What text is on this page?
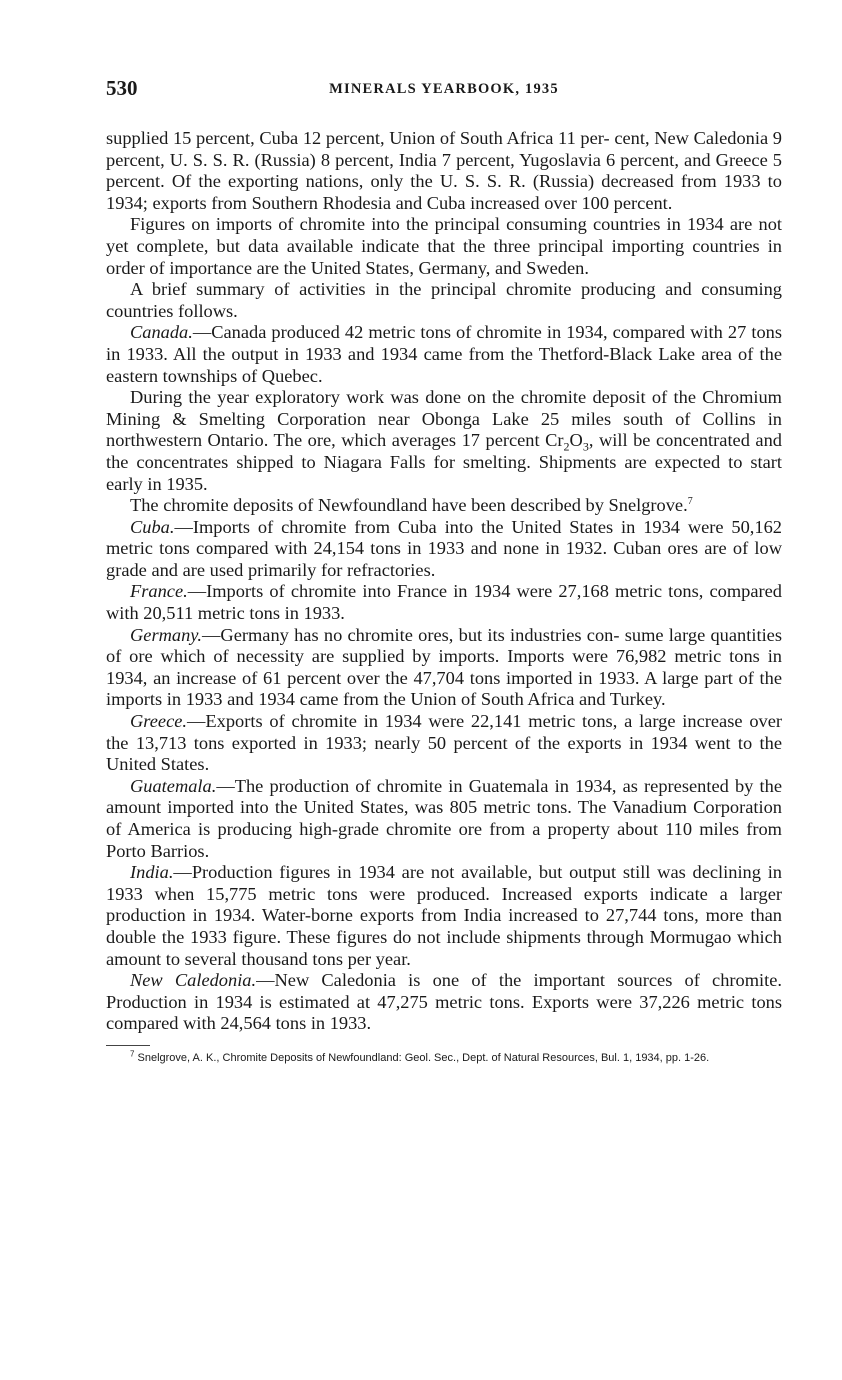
530	MINERALS YEARBOOK, 1935

supplied 15 percent, Cuba 12 percent, Union of South Africa 11 per- cent, New Caledonia 9 percent, U. S. S. R. (Russia) 8 percent, India 7 percent, Yugoslavia 6 percent, and Greece 5 percent. Of the exporting nations, only the U. S. S. R. (Russia) decreased from 1933 to 1934; exports from Southern Rhodesia and Cuba increased over 100 percent.

Figures on imports of chromite into the principal consuming countries in 1934 are not yet complete, but data available indicate that the three principal importing countries in order of importance are the United States, Germany, and Sweden.

A brief summary of activities in the principal chromite producing and consuming countries follows.

Canada.—Canada produced 42 metric tons of chromite in 1934, compared with 27 tons in 1933. All the output in 1933 and 1934 came from the Thetford-Black Lake area of the eastern townships of Quebec.

During the year exploratory work was done on the chromite deposit of the Chromium Mining & Smelting Corporation near Obonga Lake 25 miles south of Collins in northwestern Ontario. The ore, which averages 17 percent $Cr_2O_3$, will be concentrated and the concentrates shipped to Niagara Falls for smelting. Shipments are expected to start early in 1935.

The chromite deposits of Newfoundland have been described by Snelgrove.$^7$

Cuba.—Imports of chromite from Cuba into the United States in 1934 were 50,162 metric tons compared with 24,154 tons in 1933 and none in 1932. Cuban ores are of low grade and are used primarily for refractories.

France.—Imports of chromite into France in 1934 were 27,168 metric tons, compared with 20,511 metric tons in 1933.

Germany.—Germany has no chromite ores, but its industries con- sume large quantities of ore which of necessity are supplied by imports. Imports were 76,982 metric tons in 1934, an increase of 61 percent over the 47,704 tons imported in 1933. A large part of the imports in 1933 and 1934 came from the Union of South Africa and Turkey.

Greece.—Exports of chromite in 1934 were 22,141 metric tons, a large increase over the 13,713 tons exported in 1933; nearly 50 percent of the exports in 1934 went to the United States.

Guatemala.—The production of chromite in Guatemala in 1934, as represented by the amount imported into the United States, was 805 metric tons. The Vanadium Corporation of America is producing high-grade chromite ore from a property about 110 miles from Porto Barrios.

India.—Production figures in 1934 are not available, but output still was declining in 1933 when 15,775 metric tons were produced. Increased exports indicate a larger production in 1934. Water-borne exports from India increased to 27,744 tons, more than double the 1933 figure. These figures do not include shipments through Mormugao which amount to several thousand tons per year.

New Caledonia.—New Caledonia is one of the important sources of chromite. Production in 1934 is estimated at 47,275 metric tons. Exports were 37,226 metric tons compared with 24,564 tons in 1933.

$^7$ Snelgrove, A. K., Chromite Deposits of Newfoundland: Geol. Sec., Dept. of Natural Resources, Bul. 1, 1934, pp. 1-26.
